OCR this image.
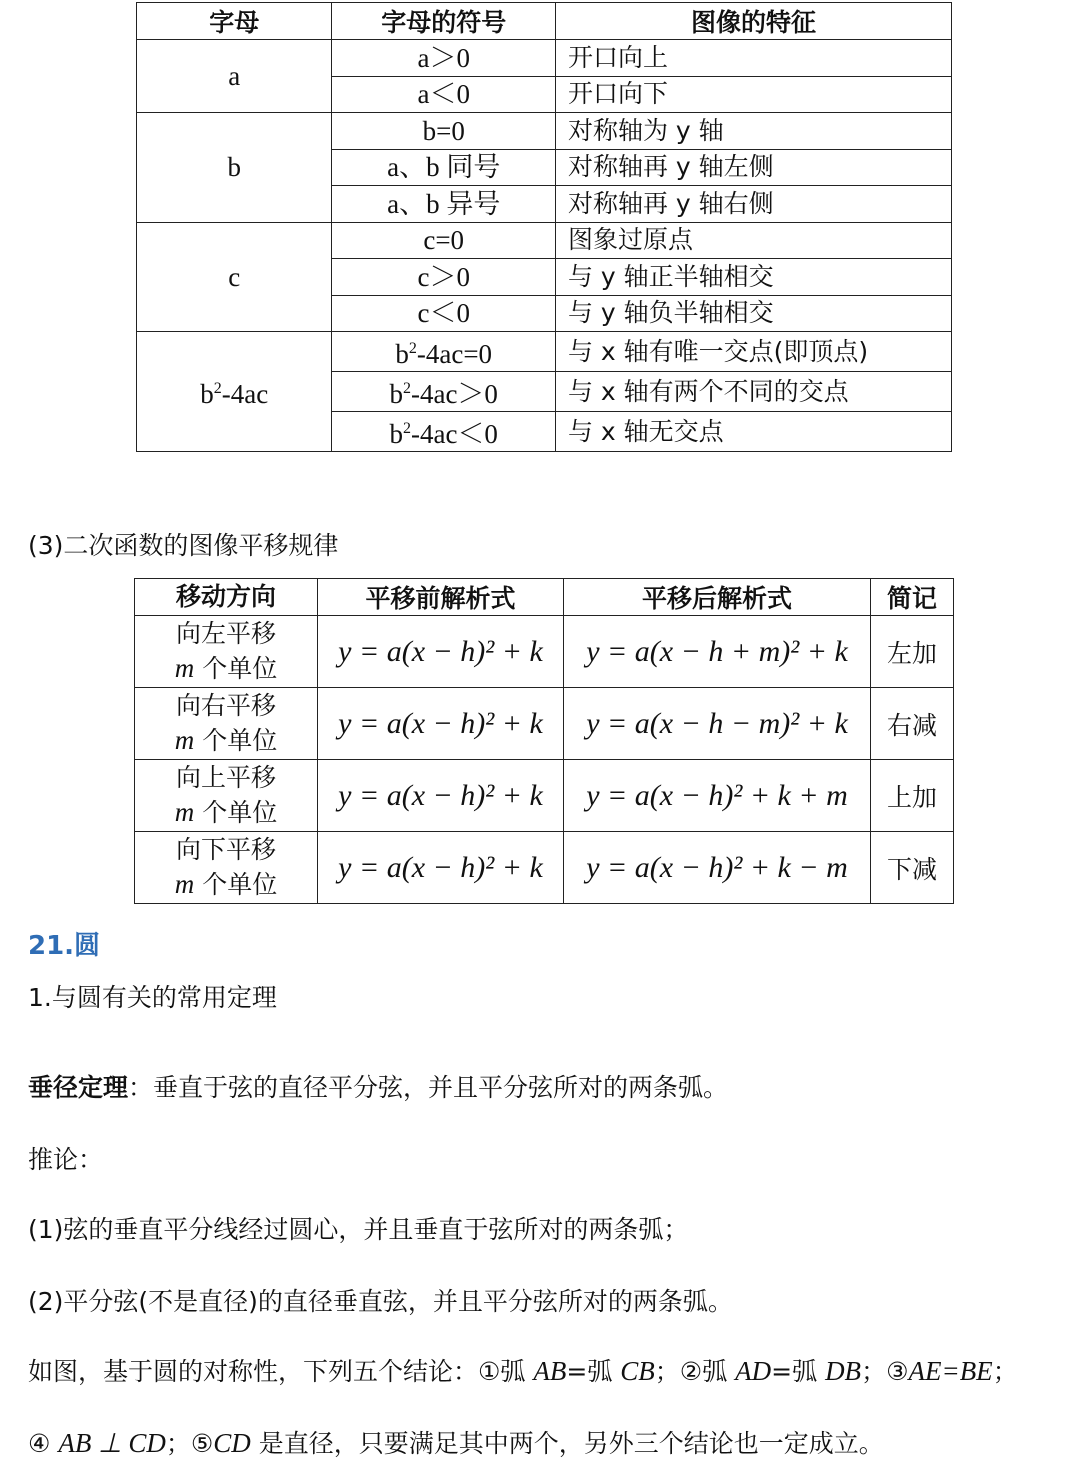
字母	字母的符号	图像的特征
a	a＞0	开口向上
	a＜0	开口向下
b	b=0	对称轴为 y 轴
	a、b 同号	对称轴再 y 轴左侧
	a、b 异号	对称轴再 y 轴右侧
c	c=0	图象过原点
	c＞0	与 y 轴正半轴相交
	c＜0	与 y 轴负半轴相交
$b^2-4ac$	$b^2-4ac=0$	与 x 轴有唯一交点(即顶点)
	$b^2-4ac>0$	与 x 轴有两个不同的交点
	$b^2-4ac<0$	与 x 轴无交点
(3)二次函数的图像平移规律
移动方向	平移前解析式	平移后解析式	简记

向左平移
m 个单位	y = a(x − h)² + k	y = a(x − h + m)² + k	左加

向右平移
m 个单位	y = a(x − h)² + k	y = a(x − h − m)² + k	右减

向上平移
m 个单位	y = a(x − h)² + k	y = a(x − h)² + k + m	上加

向下平移
m 个单位	y = a(x − h)² + k	y = a(x − h)² + k − m	下减
21.圆
1.与圆有关的常用定理
垂径定理：垂直于弦的直径平分弦，并且平分弦所对的两条弧。
推论：
(1)弦的垂直平分线经过圆心，并且垂直于弦所对的两条弧；
(2)平分弦(不是直径)的直径垂直弦，并且平分弦所对的两条弧。
如图，基于圆的对称性，下列五个结论：①弧 AB=弧 CB；②弧 AD=弧 DB；③AE=BE；
④ AB ⊥ CD；⑤CD 是直径，只要满足其中两个，另外三个结论也一定成立。
